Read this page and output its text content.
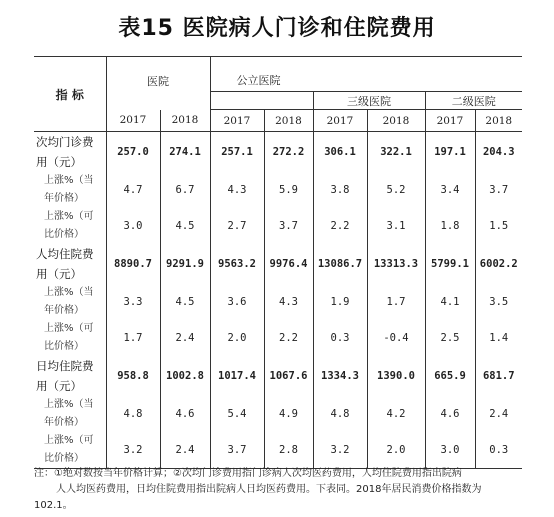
表15 医院病人门诊和住院费用
指 标	医院							
			公立医院					
					三级医院		二级医院	
	2017	2018	2017	2018	2017	2018	2017	2018

次均门诊费
用（元）	257.0	274.1	257.1	272.2	306.1	322.1	197.1	204.3

上涨%（当
年价格）	4.7	6.7	4.3	5.9	3.8	5.2	3.4	3.7

上涨%（可
比价格）	3.0	4.5	2.7	3.7	2.2	3.1	1.8	1.5

人均住院费
用（元）	8890.7	9291.9	9563.2	9976.4	13086.7	13313.3	5799.1	6002.2

上涨%（当
年价格）	3.3	4.5	3.6	4.3	1.9	1.7	4.1	3.5

上涨%（可
比价格）	1.7	2.4	2.0	2.2	0.3	-0.4	2.5	1.4

日均住院费
用（元）	958.8	1002.8	1017.4	1067.6	1334.3	1390.0	665.9	681.7

上涨%（当
年价格）	4.8	4.6	5.4	4.9	4.8	4.2	4.6	2.4

上涨%（可
比价格）	3.2	2.4	3.7	2.8	3.2	2.0	3.0	0.3
注：①绝对数按当年价格计算；②次均门诊费用指门诊病人次均医药费用，人均住院费用指出院病
人人均医药费用，日均住院费用指出院病人日均医药费用。下表同。2018年居民消费价格指数为
102.1。
